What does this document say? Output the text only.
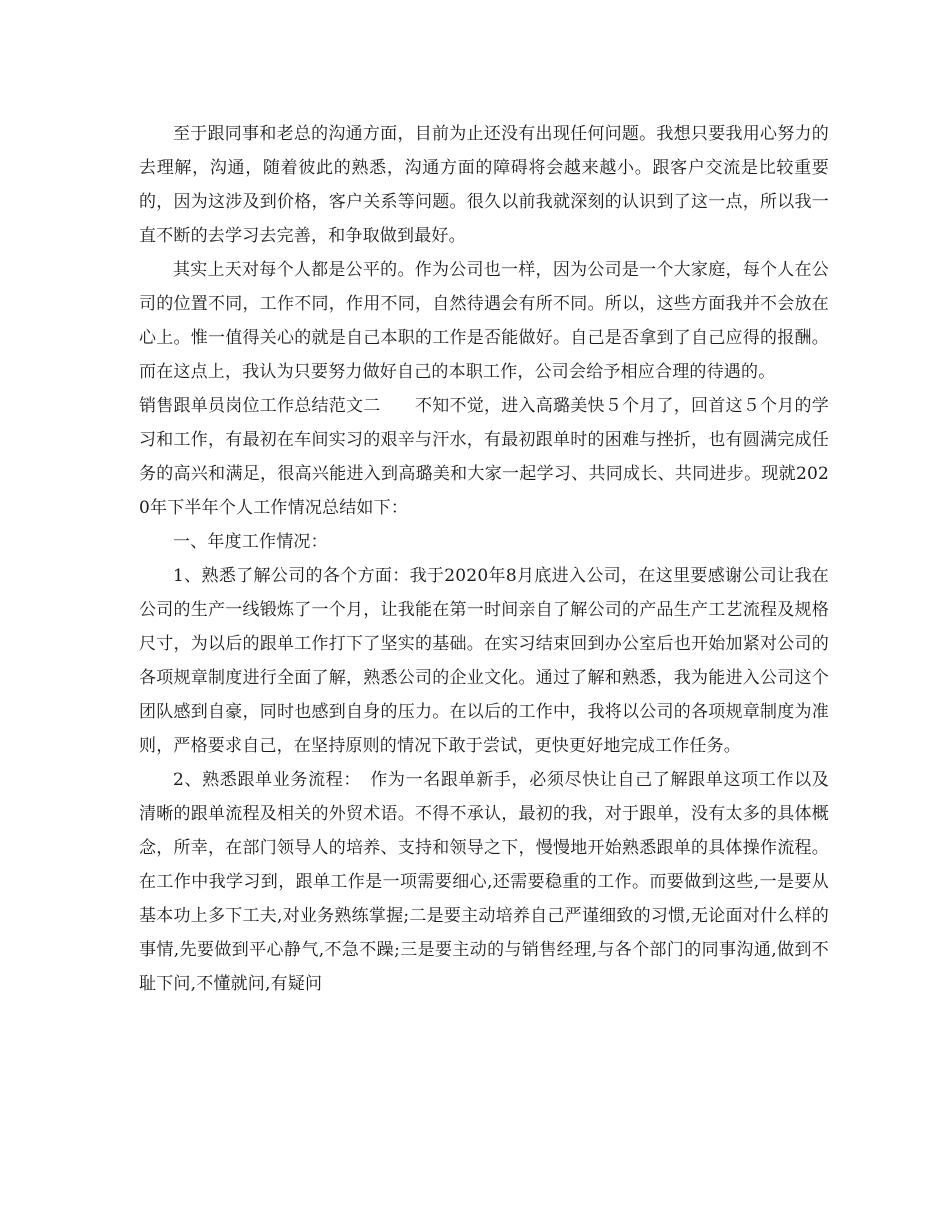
至于跟同事和老总的沟通方面，目前为止还没有出现任何问题。我想只要我用心努力的去理解，沟通，随着彼此的熟悉，沟通方面的障碍将会越来越小。跟客户交流是比较重要的，因为这涉及到价格，客户关系等问题。很久以前我就深刻的认识到了这一点，所以我一直不断的去学习去完善，和争取做到最好。

其实上天对每个人都是公平的。作为公司也一样，因为公司是一个大家庭，每个人在公司的位置不同，工作不同，作用不同，自然待遇会有所不同。所以，这些方面我并不会放在心上。惟一值得关心的就是自己本职的工作是否能做好。自己是否拿到了自己应得的报酬。而在这点上，我认为只要努力做好自己的本职工作，公司会给予相应合理的待遇的。

销售跟单员岗位工作总结范文二　　不知不觉，进入高璐美快５个月了，回首这５个月的学习和工作，有最初在车间实习的艰辛与汗水，有最初跟单时的困难与挫折，也有圆满完成任务的高兴和满足，很高兴能进入到高璐美和大家一起学习、共同成长、共同进步。现就2020年下半年个人工作情况总结如下：

一、年度工作情况：

1、熟悉了解公司的各个方面：我于2020年8月底进入公司，在这里要感谢公司让我在公司的生产一线锻炼了一个月，让我能在第一时间亲自了解公司的产品生产工艺流程及规格尺寸，为以后的跟单工作打下了坚实的基础。在实习结束回到办公室后也开始加紧对公司的各项规章制度进行全面了解，熟悉公司的企业文化。通过了解和熟悉，我为能进入公司这个团队感到自豪，同时也感到自身的压力。在以后的工作中，我将以公司的各项规章制度为准则，严格要求自己，在坚持原则的情况下敢于尝试，更快更好地完成工作任务。

2、熟悉跟单业务流程：　作为一名跟单新手，必须尽快让自己了解跟单这项工作以及清晰的跟单流程及相关的外贸术语。不得不承认，最初的我，对于跟单，没有太多的具体概念，所幸，在部门领导人的培养、支持和领导之下，慢慢地开始熟悉跟单的具体操作流程。在工作中我学习到，跟单工作是一项需要细心,还需要稳重的工作。而要做到这些,一是要从基本功上多下工夫,对业务熟练掌握;二是要主动培养自己严谨细致的习惯,无论面对什么样的事情,先要做到平心静气,不急不躁;三是要主动的与销售经理,与各个部门的同事沟通,做到不耻下问,不懂就问,有疑问
